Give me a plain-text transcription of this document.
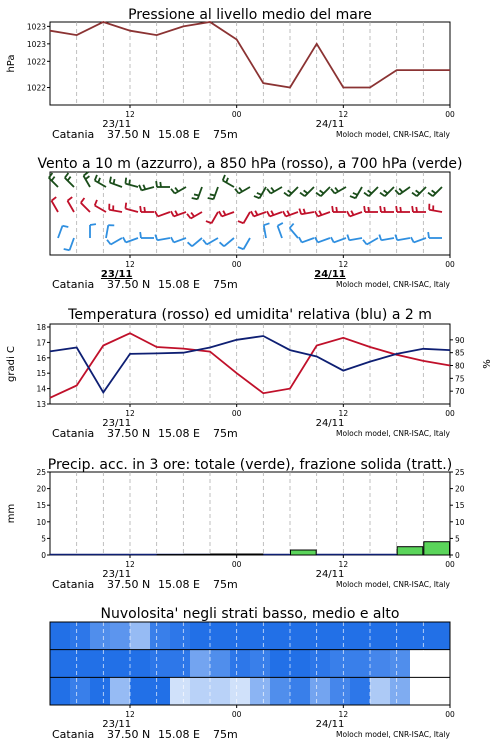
Pressione al livello medio del mare
12	00	12	00
23/11	24/11
Catania 37.50 N 15.08 E 75m	Moloch model, CNR-ISAC, Italy
1022
1022
1023
1023
hPa
Vento a 10 m (azzurro), a 850 hPa (rosso), a 700 hPa (verde)
12	00	12	00
23/11	24/11
Catania 37.50 N 15.08 E 75m	Moloch model, CNR-ISAC, Italy
Temperatura (rosso) ed umidita' relativa (blu) a 2 m
12	00	12	00
23/11	24/11
Catania 37.50 N 15.08 E 75m	Moloch model, CNR-ISAC, Italy
13
14
15
16
17
18
70
75
80
85
90
gradi C	%
Precip. acc. in 3 ore: totale (verde), frazione solida (tratt.)
12	00	12	00
23/11	24/11
Catania 37.50 N 15.08 E 75m	Moloch model, CNR-ISAC, Italy
0	0
5	5
10	10
15	15
20	20
25	25
mm
Nuvolosita' negli strati basso, medio e alto
12	00	12	00
23/11	24/11
Catania 37.50 N 15.08 E 75m	Moloch model, CNR-ISAC, Italy
